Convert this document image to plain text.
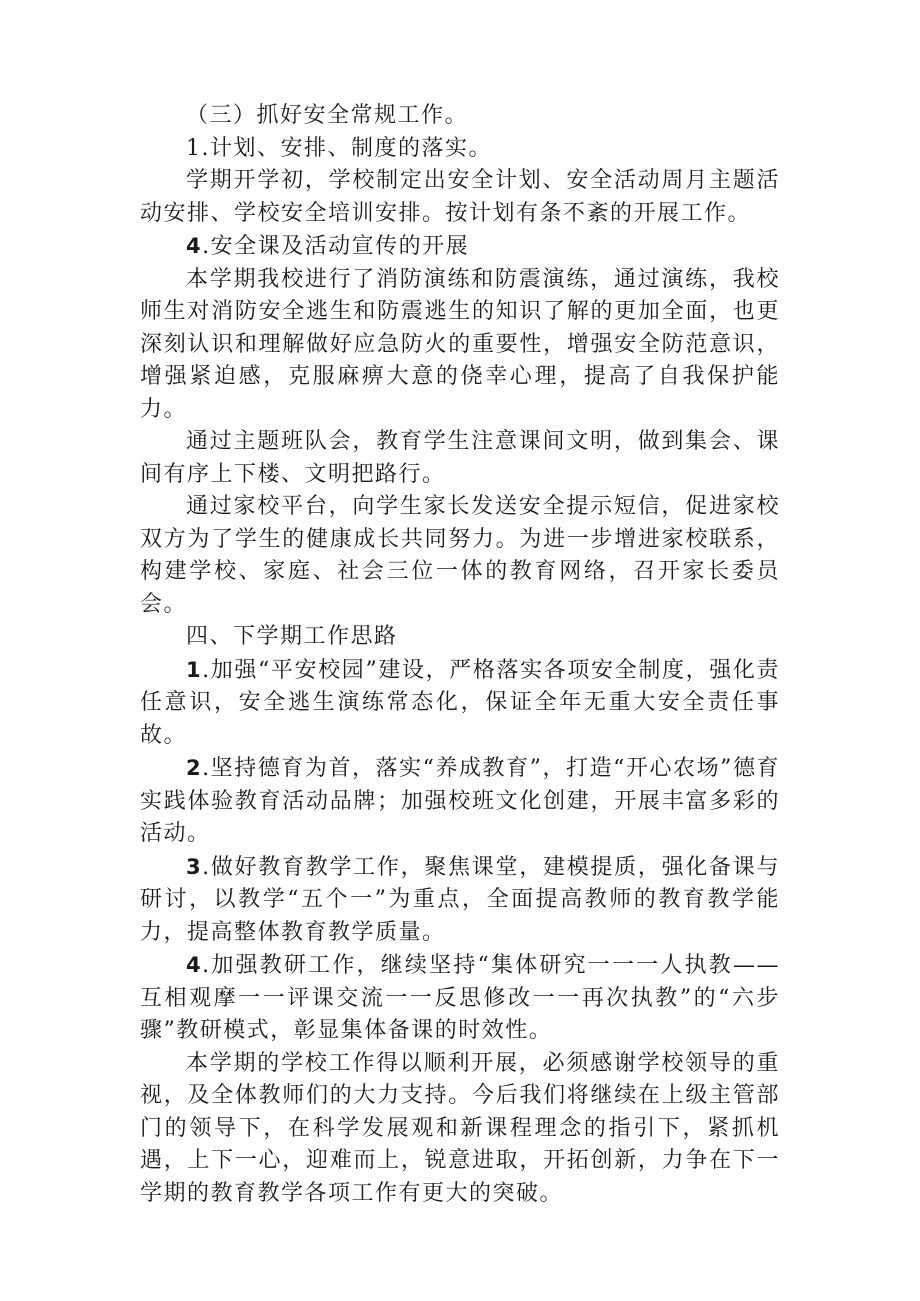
（三）抓好安全常规工作。

1.计划、安排、制度的落实。

学期开学初，学校制定出安全计划、安全活动周月主题活动安排、学校安全培训安排。按计划有条不紊的开展工作。

4.安全课及活动宣传的开展

本学期我校进行了消防演练和防震演练，通过演练，我校师生对消防安全逃生和防震逃生的知识了解的更加全面，也更深刻认识和理解做好应急防火的重要性，增强安全防范意识，增强紧迫感，克服麻痹大意的侥幸心理，提高了自我保护能力。

通过主题班队会，教育学生注意课间文明，做到集会、课间有序上下楼、文明把路行。

通过家校平台，向学生家长发送安全提示短信，促进家校双方为了学生的健康成长共同努力。为进一步增进家校联系，构建学校、家庭、社会三位一体的教育网络，召开家长委员会。

四、下学期工作思路

1.加强“平安校园”建设，严格落实各项安全制度，强化责任意识，安全逃生演练常态化，保证全年无重大安全责任事故。

2.坚持德育为首，落实“养成教育”，打造“开心农场”德育实践体验教育活动品牌；加强校班文化创建，开展丰富多彩的活动。

3.做好教育教学工作，聚焦课堂，建模提质，强化备课与研讨，以教学“五个一”为重点，全面提高教师的教育教学能力，提高整体教育教学质量。

4.加强教研工作，继续坚持“集体研究一一一人执教——互相观摩一一评课交流一一反思修改一一再次执教”的“六步骤”教研模式，彰显集体备课的时效性。

本学期的学校工作得以顺利开展，必须感谢学校领导的重视，及全体教师们的大力支持。今后我们将继续在上级主管部门的领导下，在科学发展观和新课程理念的指引下，紧抓机遇，上下一心，迎难而上，锐意进取，开拓创新，力争在下一学期的教育教学各项工作有更大的突破。
